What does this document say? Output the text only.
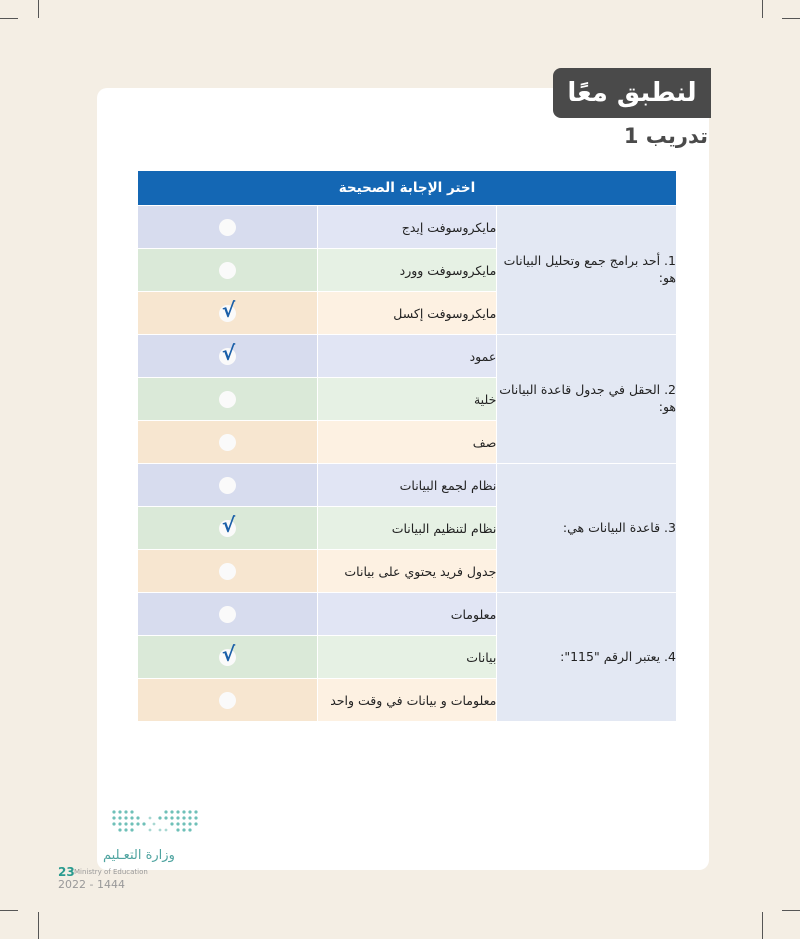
لنطبق معًا
تدريب 1
اختر الإجابة الصحيحة		
	مايكروسوفت إيدج	1. أحد برامج جمع وتحليل البيانات هو:
	مايكروسوفت وورد	

√	مايكروسوفت إكسل	

√	عمود	2. الحقل في جدول قاعدة البيانات هو:
	خلية	
	صف	
	نظام لجمع البيانات	3. قاعدة البيانات هي:

√	نظام لتنظيم البيانات	
	جدول فريد يحتوي على بيانات	
	معلومات	4. يعتبر الرقم "115":

√	بيانات	
	معلومات و بيانات في وقت واحد	
وزارة التعـليم
Ministry of Education
23
2022 - 1444
